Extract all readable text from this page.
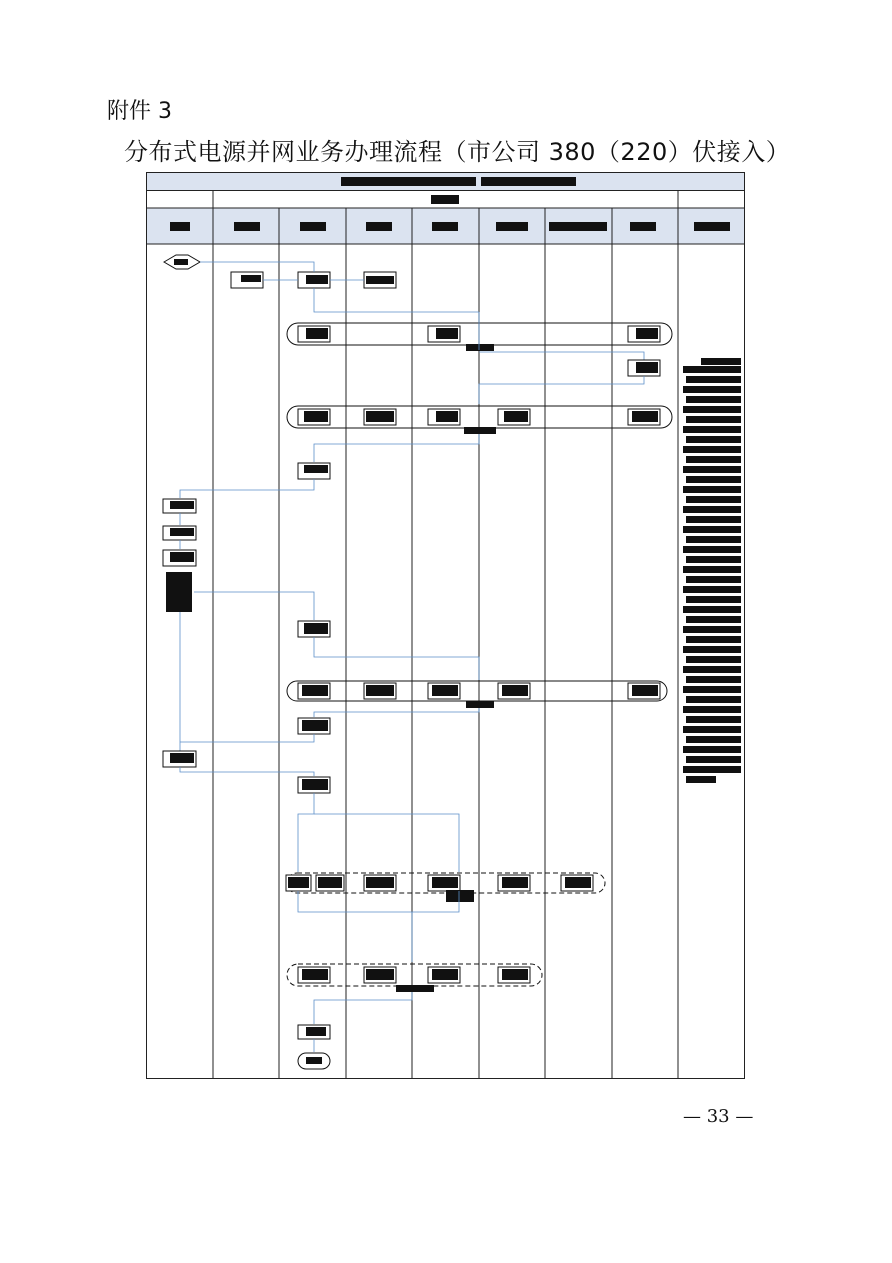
附件 3
分布式电源并网业务办理流程（市公司 380（220）伏接入）
— 33 —
